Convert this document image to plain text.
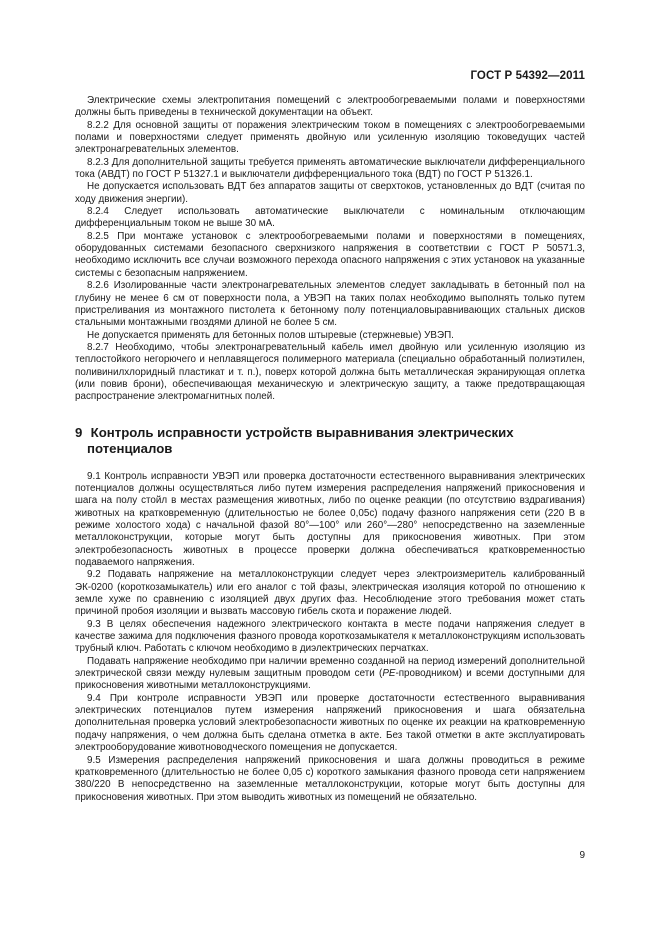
ГОСТ Р 54392—2011

Электрические схемы электропитания помещений с электрообогреваемыми полами и поверхностями должны быть приведены в технической документации на объект.

8.2.2 Для основной защиты от поражения электрическим током в помещениях с электрообогреваемыми полами и поверхностями следует применять двойную или усиленную изоляцию токоведущих частей электронагревательных элементов.

8.2.3 Для дополнительной защиты требуется применять автоматические выключатели дифференциального тока (АВДТ) по ГОСТ Р 51327.1 и выключатели дифференциального тока (ВДТ) по ГОСТ Р 51326.1.

Не допускается использовать ВДТ без аппаратов защиты от сверхтоков, установленных до ВДТ (считая по ходу движения энергии).

8.2.4 Следует использовать автоматические выключатели с номинальным отключающим дифференциальным током не выше 30 мА.

8.2.5 При монтаже установок с электрообогреваемыми полами и поверхностями в помещениях, оборудованных системами безопасного сверхнизкого напряжения в соответствии с ГОСТ Р 50571.3, необходимо исключить все случаи возможного перехода опасного напряжения с этих установок на указанные системы с безопасным напряжением.

8.2.6 Изолированные части электронагревательных элементов следует закладывать в бетонный пол на глубину не менее 6 см от поверхности пола, а УВЭП на таких полах необходимо выполнять только путем пристреливания из монтажного пистолета к бетонному полу потенциаловыравнивающих стальных дисков стальными монтажными гвоздями длиной не более 5 см.

Не допускается применять для бетонных полов штыревые (стержневые) УВЭП.

8.2.7 Необходимо, чтобы электронагревательный кабель имел двойную или усиленную изоляцию из теплостойкого негорючего и неплавящегося полимерного материала (специально обработанный полиэтилен, поливинилхлоридный пластикат и т. п.), поверх которой должна быть металлическая экранирующая оплетка (или повив брони), обеспечивающая механическую и электрическую защиту, а также предотвращающая распространение электромагнитных полей.

9 Контроль исправности устройств выравнивания электрических
потенциалов

9.1 Контроль исправности УВЭП или проверка достаточности естественного выравнивания электрических потенциалов должны осуществляться либо путем измерения распределения напряжений прикосновения и шага на полу стойл в местах размещения животных, либо по оценке реакции (по отсутствию вздрагивания) животных на кратковременную (длительностью не более 0,05с) подачу фазного напряжения сети (220 В в режиме холостого хода) с начальной фазой 80°—100° или 260°—280° непосредственно на заземленные металлоконструкции, которые могут быть доступны для прикосновения животных. При этом электробезопасность животных в процессе проверки должна обеспечиваться кратковременностью подаваемого напряжения.

9.2 Подавать напряжение на металлоконструкции следует через электроизмеритель калиброванный ЭК-0200 (короткозамыкатель) или его аналог с той фазы, электрическая изоляция которой по отношению к земле хуже по сравнению с изоляцией двух других фаз. Несоблюдение этого требования может стать причиной пробоя изоляции и вызвать массовую гибель скота и поражение людей.

9.3 В целях обеспечения надежного электрического контакта в месте подачи напряжения следует в качестве зажима для подключения фазного провода короткозамыкателя к металлоконструкциям использовать трубный ключ. Работать с ключом необходимо в диэлектрических перчатках.

Подавать напряжение необходимо при наличии временно созданной на период измерений дополнительной электрической связи между нулевым защитным проводом сети (PE-проводником) и всеми доступными для прикосновения животными металлоконструкциями.

9.4 При контроле исправности УВЭП или проверке достаточности естественного выравнивания электрических потенциалов путем измерения напряжений прикосновения и шага обязательна дополнительная проверка условий электробезопасности животных по оценке их реакции на кратковременную подачу напряжения, о чем должна быть сделана отметка в акте. Без такой отметки в акте эксплуатировать электрооборудование животноводческого помещения не допускается.

9.5 Измерения распределения напряжений прикосновения и шага должны проводиться в режиме кратковременного (длительностью не более 0,05 с) короткого замыкания фазного провода сети напряжением 380/220 В непосредственно на заземленные металлоконструкции, которые могут быть доступны для прикосновения животных. При этом выводить животных из помещений не обязательно.

9
